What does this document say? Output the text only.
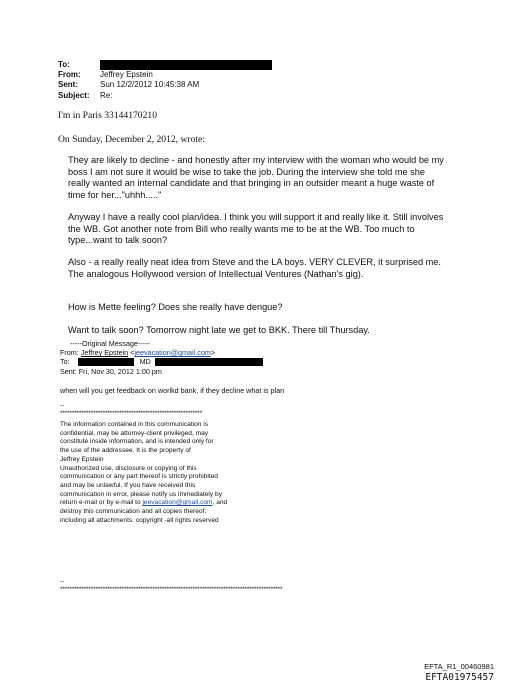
To:
From:	Jeffrey Epstein
Sent:	Sun 12/2/2012 10:45:38 AM
Subject:	Re:
I'm in Paris 33144170210
On Sunday, December 2, 2012, wrote:

They are likely to decline - and honestly after my interview with the woman who would be my boss I am not sure it would be wise to take the job. During the interview she told me she really wanted an internal candidate and that bringing in an outsider meant a huge waste of time for her..."uhhh....."

Anyway I have a really cool plan/idea. I think you will support it and really like it. Still involves the WB. Got another note from Bill who really wants me to be at the WB. Too much to type...want to talk soon?

Also - a really really neat idea from Steve and the LA boys. VERY CLEVER, it surprised me. The analogous Hollywood version of Intellectual Ventures (Nathan's gig).

How is Mette feeling? Does she really have dengue?

Want to talk soon? Tomorrow night late we get to BKK. There till Thursday.

-----Original Message-----
From: Jeffrey Epstein <jeevacation@gmail.com>
To:	MD
Sent: Fri, Nov 30, 2012 1:00 pm
when will you get feedback on worlkd bank, if they decline what is plan
--
************************************************************
The information contained in this communication is
confidential, may be attorney-client privileged, may
constitute inside information, and is intended only for
the use of the addressee. It is the property of
Jeffrey Epstein
Unauthorized use, disclosure or copying of this
communication or any part thereof is strictly prohibited
and may be unlawful. If you have received this
communication in error, please notify us immediately by
return e-mail or by e-mail to jeevacation@gmail.com, and
destroy this communication and all copies thereof,
including all attachments. copyright -all rights reserved
--
**********************************************************************************************
EFTA_R1_00460981
EFTA01975457
